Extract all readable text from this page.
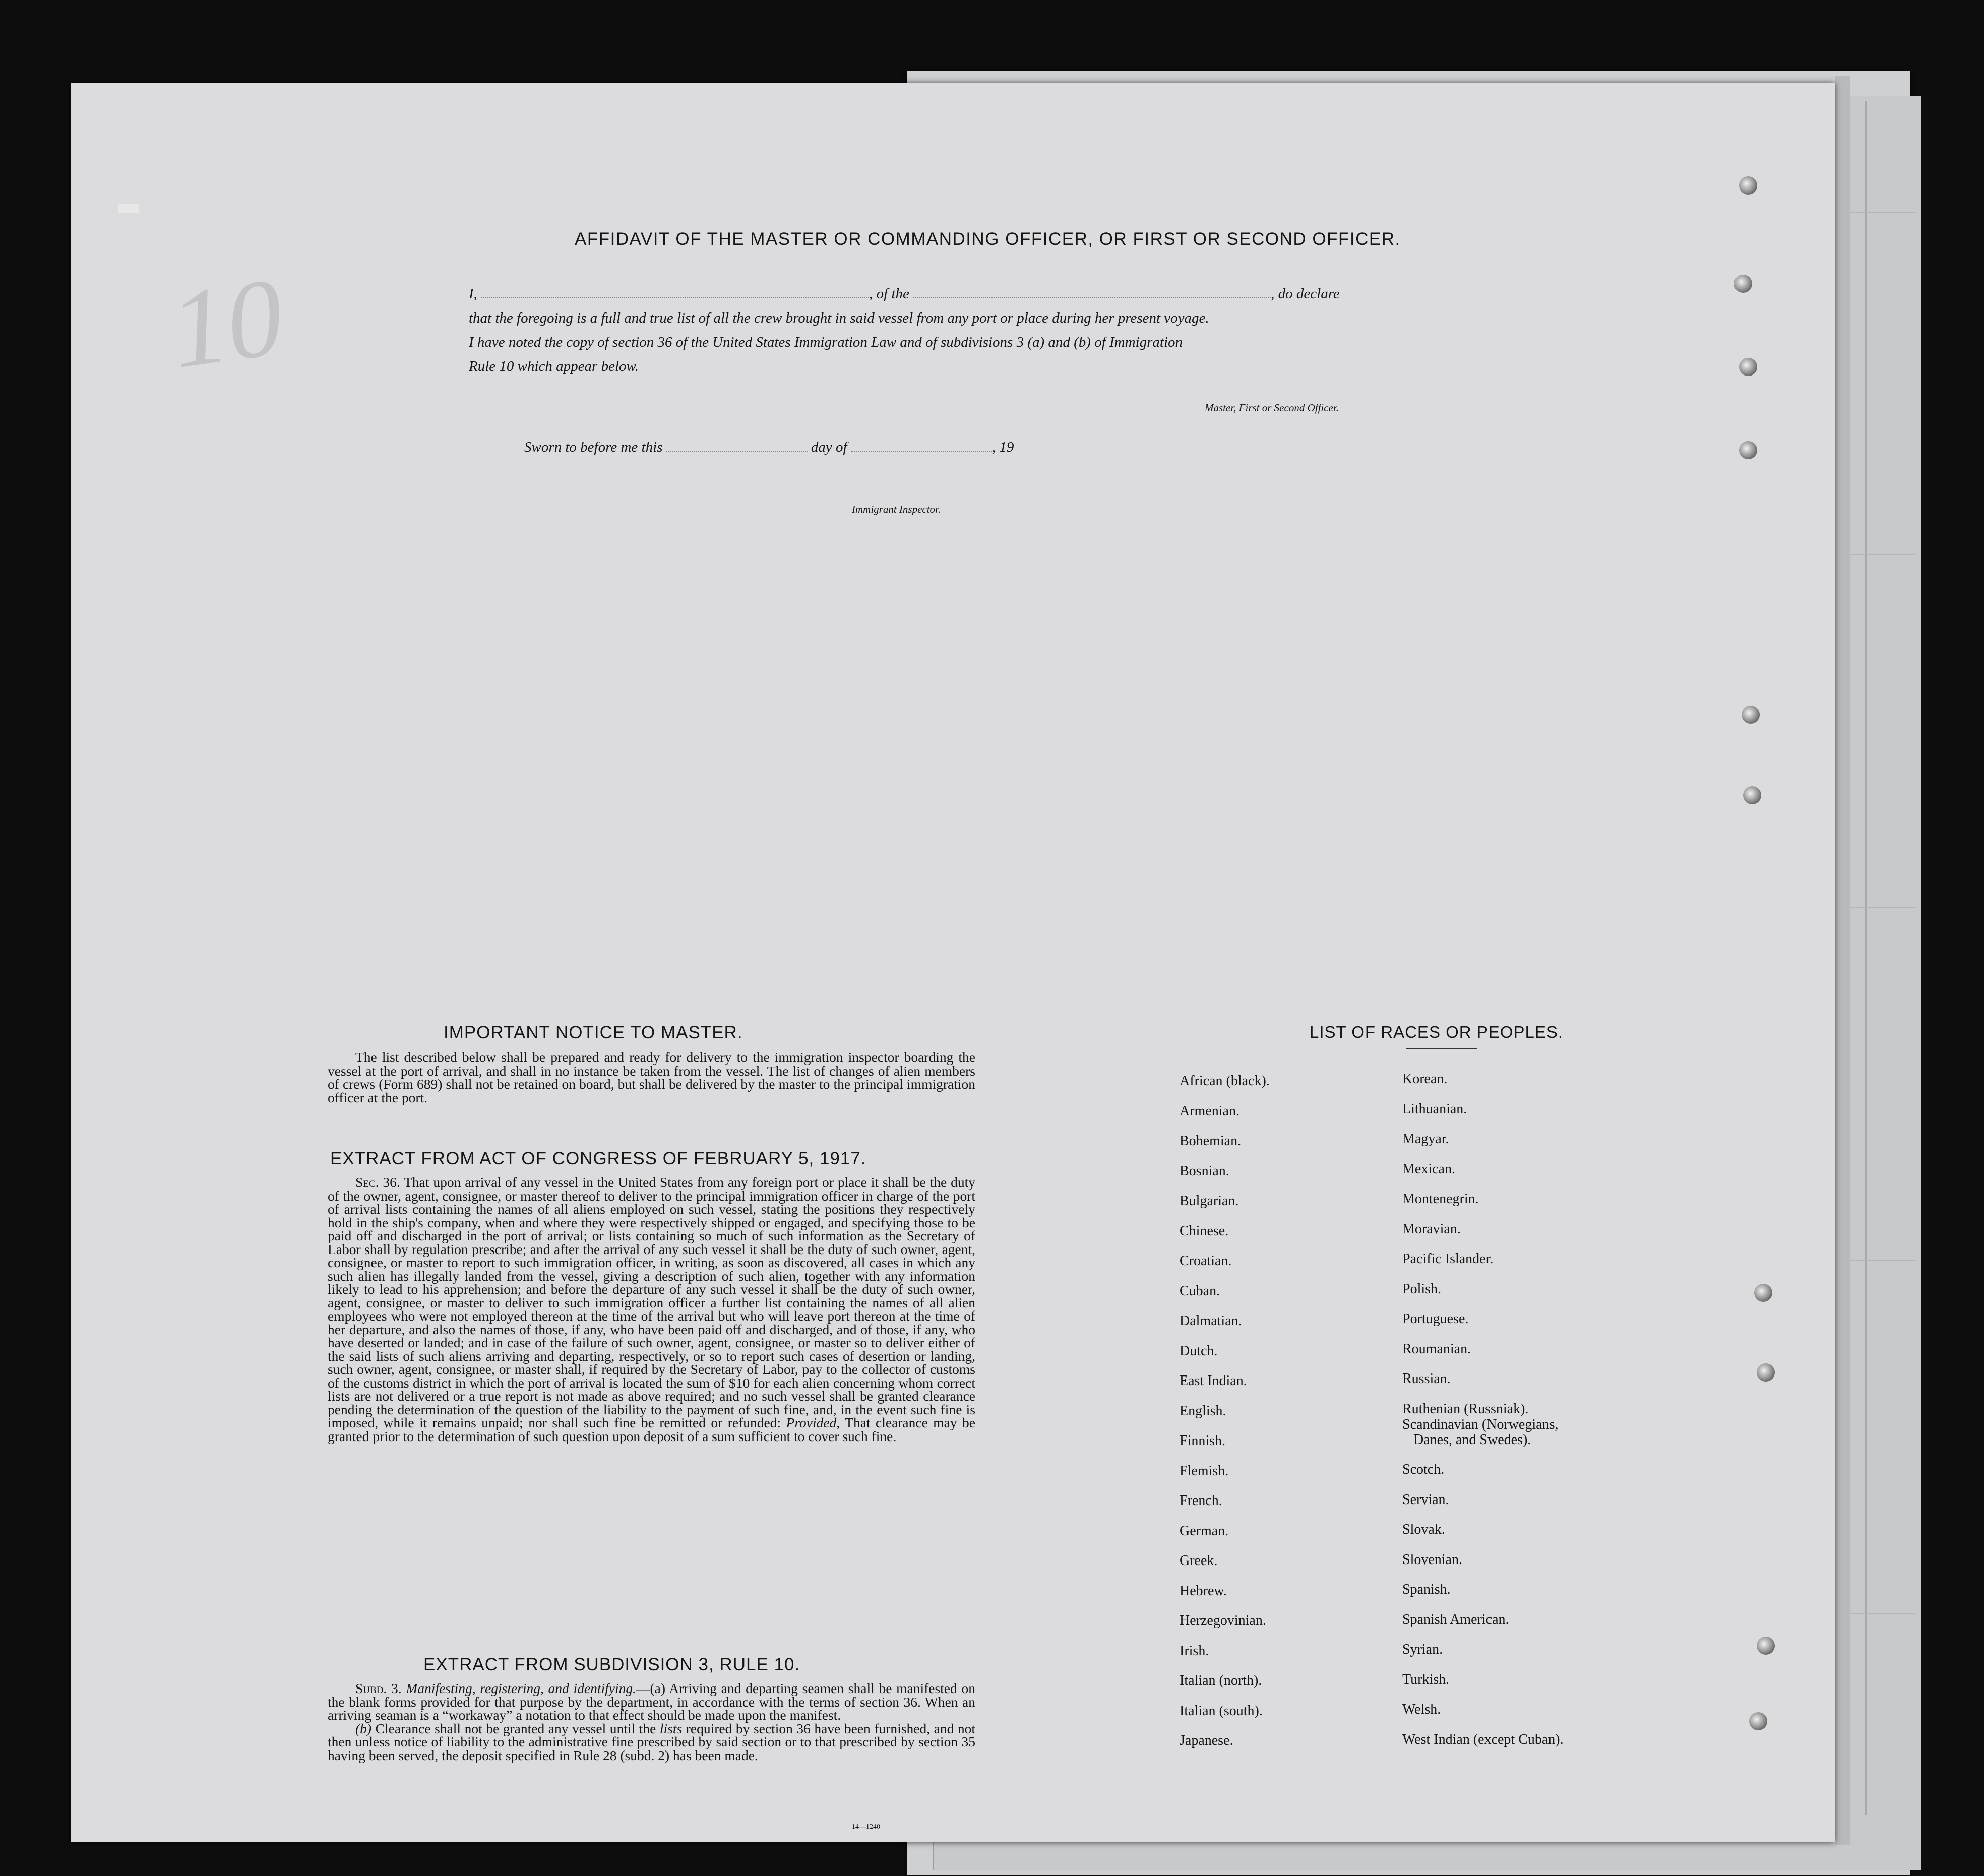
10
AFFIDAVIT OF THE MASTER OR COMMANDING OFFICER, OR FIRST OR SECOND OFFICER.
I,	, of the	, do declare
that the foregoing is a full and true list of all the crew brought in said vessel from any port or place during her present voyage.
I have noted the copy of section 36 of the United States Immigration Law and of subdivisions 3 (a) and (b) of Immigration
Rule 10 which appear below.
Master, First or Second Officer.
Sworn to before me this	day of	, 19
Immigrant Inspector.
IMPORTANT NOTICE TO MASTER.
The list described below shall be prepared and ready for delivery to the immigration inspector boarding the vessel at the port of arrival, and shall in no instance be taken from the vessel. The list of changes of alien members of crews (Form 689) shall not be retained on board, but shall be delivered by the master to the principal immigration officer at the port.
EXTRACT FROM ACT OF CONGRESS OF FEBRUARY 5, 1917.

Sec. 36. That upon arrival of any vessel in the United States from any foreign port or place it shall be the duty of the owner, agent, consignee, or master thereof to deliver to the principal immigration officer in charge of the port of arrival lists containing the names of all aliens employed on such vessel, stating the positions they respectively hold in the ship's company, when and where they were respectively shipped or engaged, and specifying those to be paid off and discharged in the port of arrival; or lists containing so much of such information as the Secretary of Labor shall by regulation prescribe; and after the arrival of any such vessel it shall be the duty of such owner, agent, consignee, or master to report to such immigration officer, in writing, as soon as discovered, all cases in which any such alien has illegally landed from the vessel, giving a description of such alien, together with any information likely to lead to his apprehension; and before the departure of any such vessel it shall be the duty of such owner, agent, consignee, or master to deliver to such immigration officer a further list containing the names of all alien employees who were not employed thereon at the time of the arrival but who will leave port thereon at the time of her departure, and also the names of those, if any, who have been paid off and discharged, and of those, if any, who have deserted or landed; and in case of the failure of such owner, agent, consignee, or master so to deliver either of the said lists of such aliens arriving and departing, respectively, or so to report such cases of desertion or landing, such owner, agent, consignee, or master shall, if required by the Secretary of Labor, pay to the collector of customs of the customs district in which the port of arrival is located the sum of $10 for each alien concerning whom correct lists are not delivered or a true report is not made as above required; and no such vessel shall be granted clearance pending the determination of the question of the liability to the payment of such fine, and, in the event such fine is imposed, while it remains unpaid; nor shall such fine be remitted or refunded: Provided, That clearance may be granted prior to the determination of such question upon deposit of a sum sufficient to cover such fine.

EXTRACT FROM SUBDIVISION 3, RULE 10.

Subd. 3. Manifesting, registering, and identifying.—(a) Arriving and departing seamen shall be manifested on the blank forms provided for that purpose by the department, in accordance with the terms of section 36. When an arriving seaman is a “workaway” a notation to that effect should be made upon the manifest.

(b) Clearance shall not be granted any vessel until the lists required by section 36 have been furnished, and not then unless notice of liability to the administrative fine prescribed by said section or to that prescribed by section 35 having been served, the deposit specified in Rule 28 (subd. 2) has been made.

14—1240
LIST OF RACES OR PEOPLES.
African (black).
Armenian.
Bohemian.
Bosnian.
Bulgarian.
Chinese.
Croatian.
Cuban.
Dalmatian.
Dutch.
East Indian.
English.
Finnish.
Flemish.
French.
German.
Greek.
Hebrew.
Herzegovinian.
Irish.
Italian (north).
Italian (south).
Japanese.
Korean.
Lithuanian.
Magyar.
Mexican.
Montenegrin.
Moravian.
Pacific Islander.
Polish.
Portuguese.
Roumanian.
Russian.
Ruthenian (Russniak).
Scandinavian (Norwegians,
Danes, and Swedes).
Scotch.
Servian.
Slovak.
Slovenian.
Spanish.
Spanish American.
Syrian.
Turkish.
Welsh.
West Indian (except Cuban).
